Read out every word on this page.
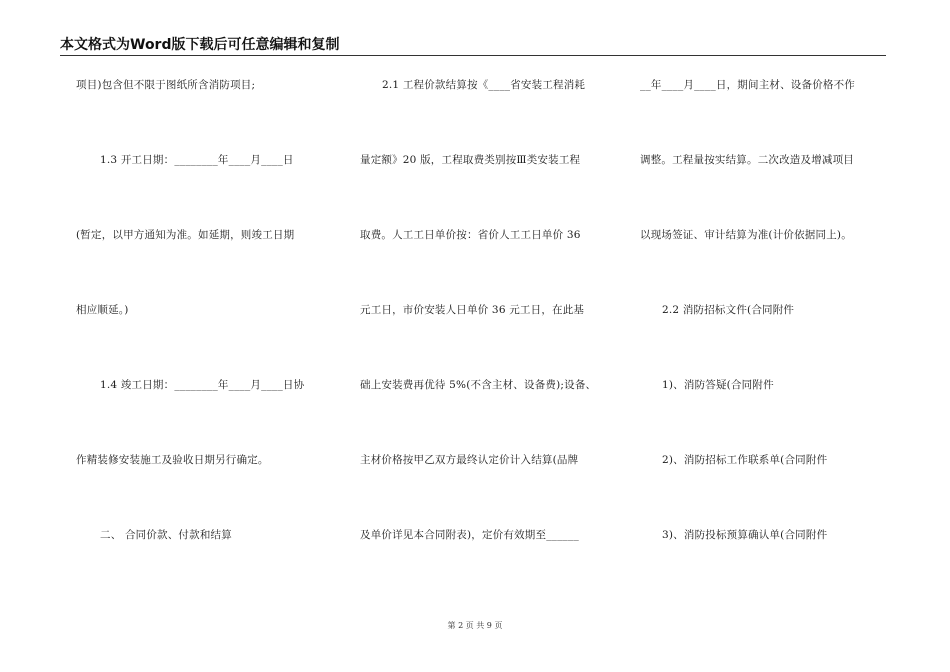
本文格式为Word版下载后可任意编辑和复制
项目)包含但不限于图纸所含消防项目;
1.3 开工日期：________年____月____日
(暂定，以甲方通知为准。如延期，则竣工日期
相应顺延。)
1.4 竣工日期：________年____月____日协
作精装修安装施工及验收日期另行确定。
二、 合同价款、付款和结算
2.1 工程价款结算按《____省安装工程消耗
量定额》20 版，工程取费类别按Ⅲ类安装工程
取费。人工工日单价按：省价人工工日单价 36
元工日，市价安装人日单价 36 元工日，在此基
础上安装费再优待 5%(不含主材、设备费);设备、
主材价格按甲乙双方最终认定价计入结算(品牌
及单价详见本合同附表)，定价有效期至______
__年____月____日，期间主材、设备价格不作
调整。工程量按实结算。二次改造及增减项目
以现场签证、审计结算为准(计价依据同上)。
2.2 消防招标文件(合同附件
1)、消防答疑(合同附件
2)、消防招标工作联系单(合同附件
3)、消防投标预算确认单(合同附件
第 2 页 共 9 页
